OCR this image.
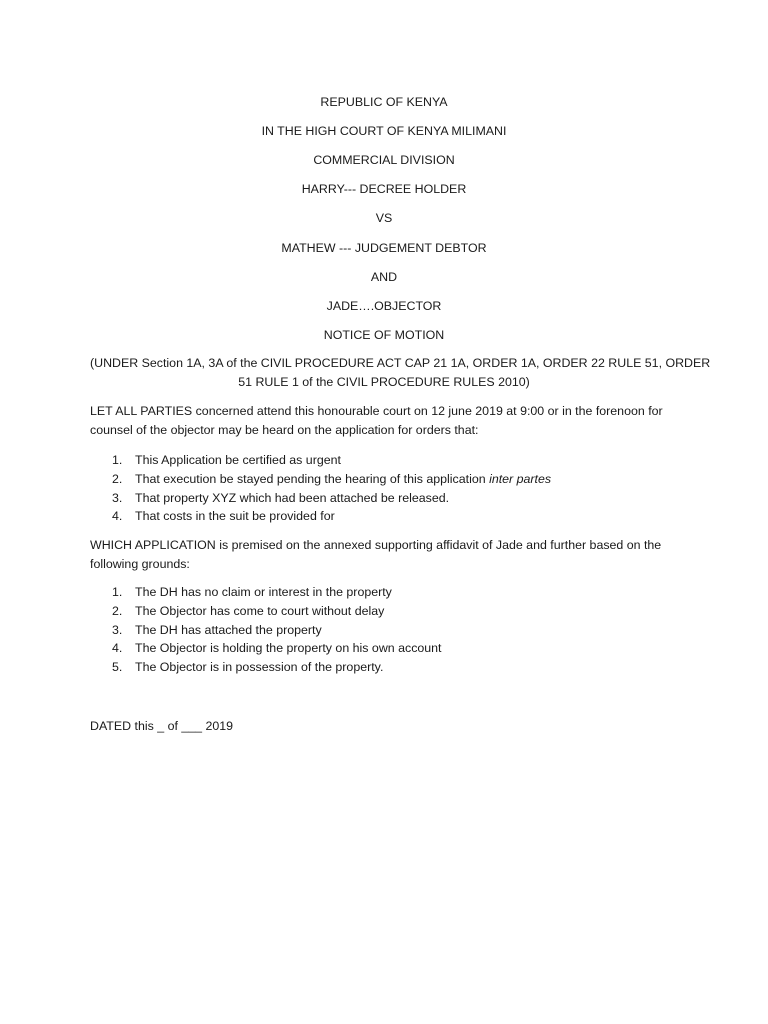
REPUBLIC OF KENYA
IN THE HIGH COURT OF KENYA MILIMANI
COMMERCIAL DIVISION
HARRY--- DECREE HOLDER
VS
MATHEW --- JUDGEMENT DEBTOR
AND
JADE….OBJECTOR
NOTICE OF MOTION
(UNDER Section 1A, 3A of the CIVIL PROCEDURE ACT CAP 21 1A, ORDER 1A, ORDER 22 RULE 51, ORDER
51 RULE 1 of the CIVIL PROCEDURE RULES 2010)
LET ALL PARTIES concerned attend this honourable court on 12 june 2019 at 9:00 or in the forenoon for
counsel of the objector may be heard on the application for orders that:
1. This Application be certified as urgent
2. That execution be stayed pending the hearing of this application inter partes
3. That property XYZ which had been attached be released.
4. That costs in the suit be provided for
WHICH APPLICATION is premised on the annexed supporting affidavit of Jade and further based on the
following grounds:
1. The DH has no claim or interest in the property
2. The Objector has come to court without delay
3. The DH has attached the property
4. The Objector is holding the property on his own account
5. The Objector is in possession of the property.
DATED this _ of ___ 2019
